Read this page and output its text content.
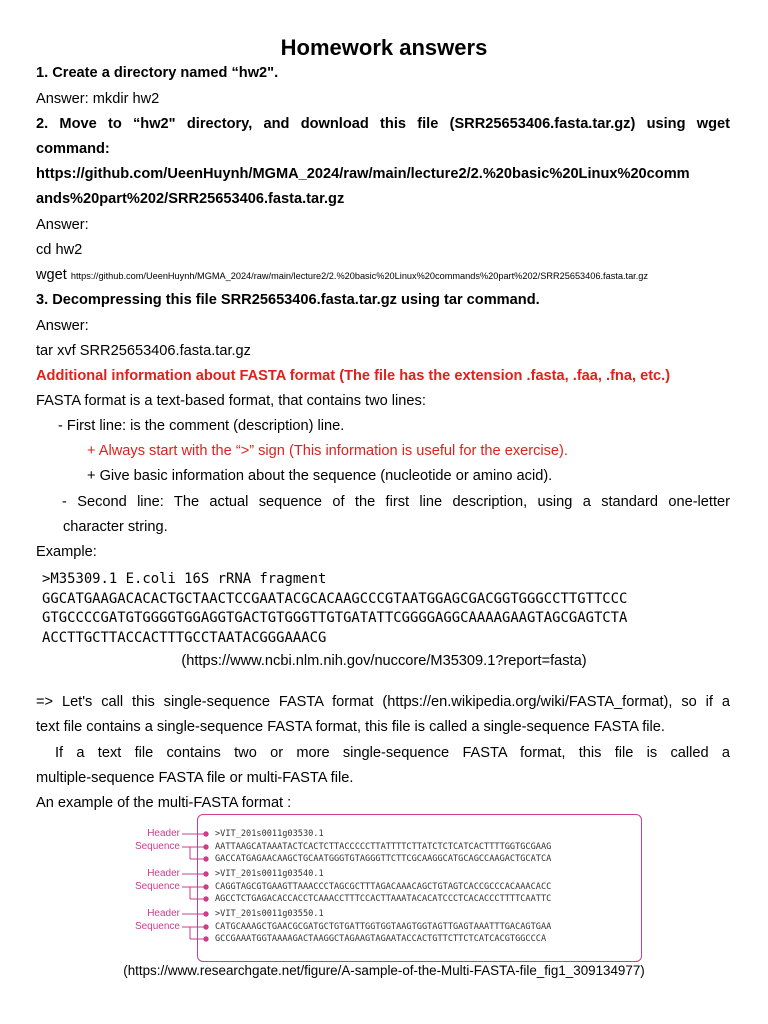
Homework answers
1. Create a directory named “hw2".
Answer: mkdir hw2
2. Move to “hw2" directory, and download this file (SRR25653406.fasta.tar.gz) using wget
command:
https://github.com/UeenHuynh/MGMA_2024/raw/main/lecture2/2.%20basic%20Linux%20comm
ands%20part%202/SRR25653406.fasta.tar.gz
Answer:
cd hw2
wget https://github.com/UeenHuynh/MGMA_2024/raw/main/lecture2/2.%20basic%20Linux%20commands%20part%202/SRR25653406.fasta.tar.gz
3. Decompressing this file SRR25653406.fasta.tar.gz using tar command.
Answer:
tar xvf SRR25653406.fasta.tar.gz
Additional information about FASTA format (The file has the extension .fasta, .faa, .fna, etc.)
FASTA format is a text-based format, that contains two lines:
- First line: is the comment (description) line.
+ Always start with the “>” sign (This information is useful for the exercise).
+ Give basic information about the sequence (nucleotide or amino acid).
- Second line: The actual sequence of the first line description, using a standard one-letter
character string.
Example:
>M35309.1 E.coli 16S rRNA fragment
GGCATGAAGACACACTGCTAACTCCGAATACGCACAAGCCCGTAATGGAGCGACGGTGGGCCTTGTTCCC
GTGCCCCGATGTGGGGTGGAGGTGACTGTGGGTTGTGATATTCGGGGAGGCAAAAGAAGTAGCGAGTCTA
ACCTTGCTTACCACTTTGCCTAATACGGGAAACG
(https://www.ncbi.nlm.nih.gov/nuccore/M35309.1?report=fasta)
=> Let's call this single-sequence FASTA format (https://en.wikipedia.org/wiki/FASTA_format), so if a
text file contains a single-sequence FASTA format, this file is called a single-sequence FASTA file.
If a text file contains two or more single-sequence FASTA format, this file is called a
multiple-sequence FASTA file or multi-FASTA file.
An example of the multi-FASTA format :
Header
Sequence
Header
Sequence
Header
Sequence
>VIT_201s0011g03530.1
AATTAAGCATAAATACTCACTCTTACCCCCTTATTTTCTTATCTCTCATCACTTTTGGTGCGAAG
GACCATGAGAACAAGCTGCAATGGGTGTAGGGTTCTTCGCAAGGCATGCAGCCAAGACTGCATCA
>VIT_201s0011g03540.1
CAGGTAGCGTGAAGTTAAACCCTAGCGCTTTAGACAAACAGCTGTAGTCACCGCCCACAAACACC
AGCCTCTGAGACACCACCTCAAACCTTTCCACTTAAATACACATCCCTCACACCCTTTTCAATTC
>VIT_201s0011g03550.1
CATGCAAAGCTGAACGCGATGCTGTGATTGGTGGTAAGTGGTAGTTGAGTAAATTTGACAGTGAA
GCCGAAATGGTAAAAGACTAAGGCTAGAAGTAGAATACCACTGTTCTTCTCATCACGTGGCCCA
(https://www.researchgate.net/figure/A-sample-of-the-Multi-FASTA-file_fig1_309134977)
